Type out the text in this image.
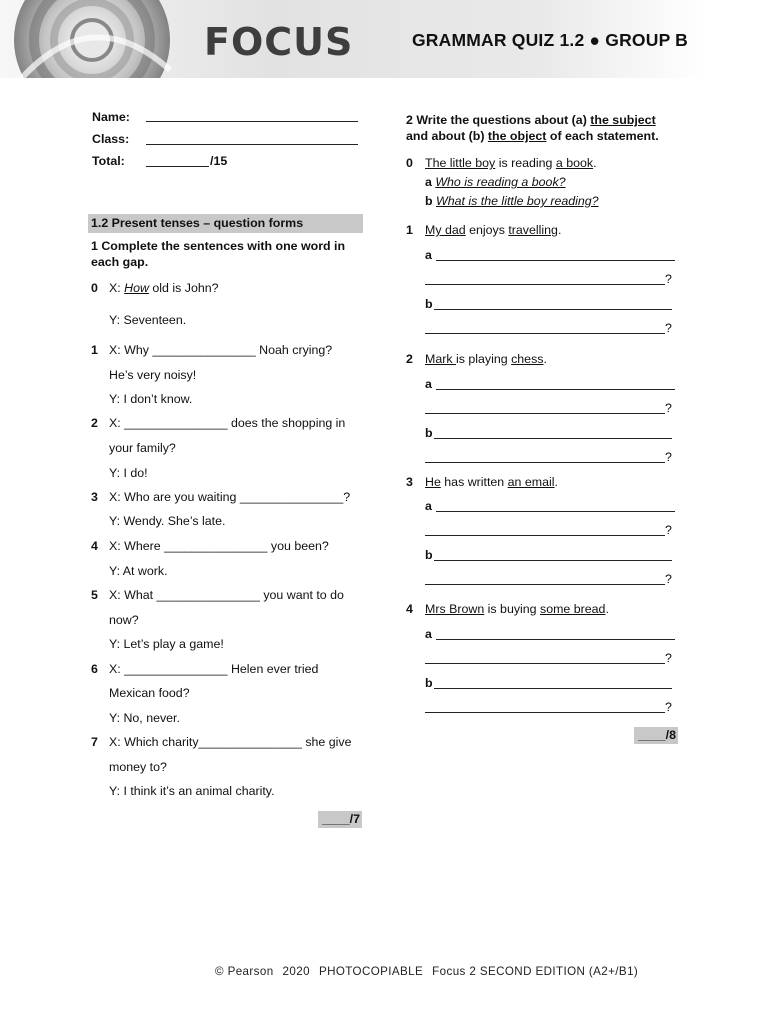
FOCUS	GRAMMAR QUIZ 1.2 ● GROUP B
Name:
Class:
Total:	/15
1.2 Present tenses – question forms
1 Complete the sentences with one word in
each gap.
0 X: How old is John?
Y: Seventeen.
1 X: Why _______________ Noah crying?
He’s very noisy!
Y: I don’t know.
2 X: _______________ does the shopping in
your family?
Y: I do!
3 X: Who are you waiting _______________?
Y: Wendy. She’s late.
4 X: Where _______________ you been?
Y: At work.
5 X: What _______________ you want to do
now?
Y: Let’s play a game!
6 X: _______________ Helen ever tried
Mexican food?
Y: No, never.
7 X: Which charity_______________ she give
money to?
Y: I think it’s an animal charity.
____/7
2 Write the questions about (a) the subject
and about (b) the object of each statement.
0 The little boy is reading a book.
a Who is reading a book?
b What is the little boy reading?
1 My dad enjoys travelling.
a
?
b
?
2 Mark is playing chess.
a
?
b
?
3 He has written an email.
a
?
b
?
4 Mrs Brown is buying some bread.
a
?
b
?
____/8
© Pearson 2020 PHOTOCOPIABLE Focus 2 SECOND EDITION (A2+/B1)
